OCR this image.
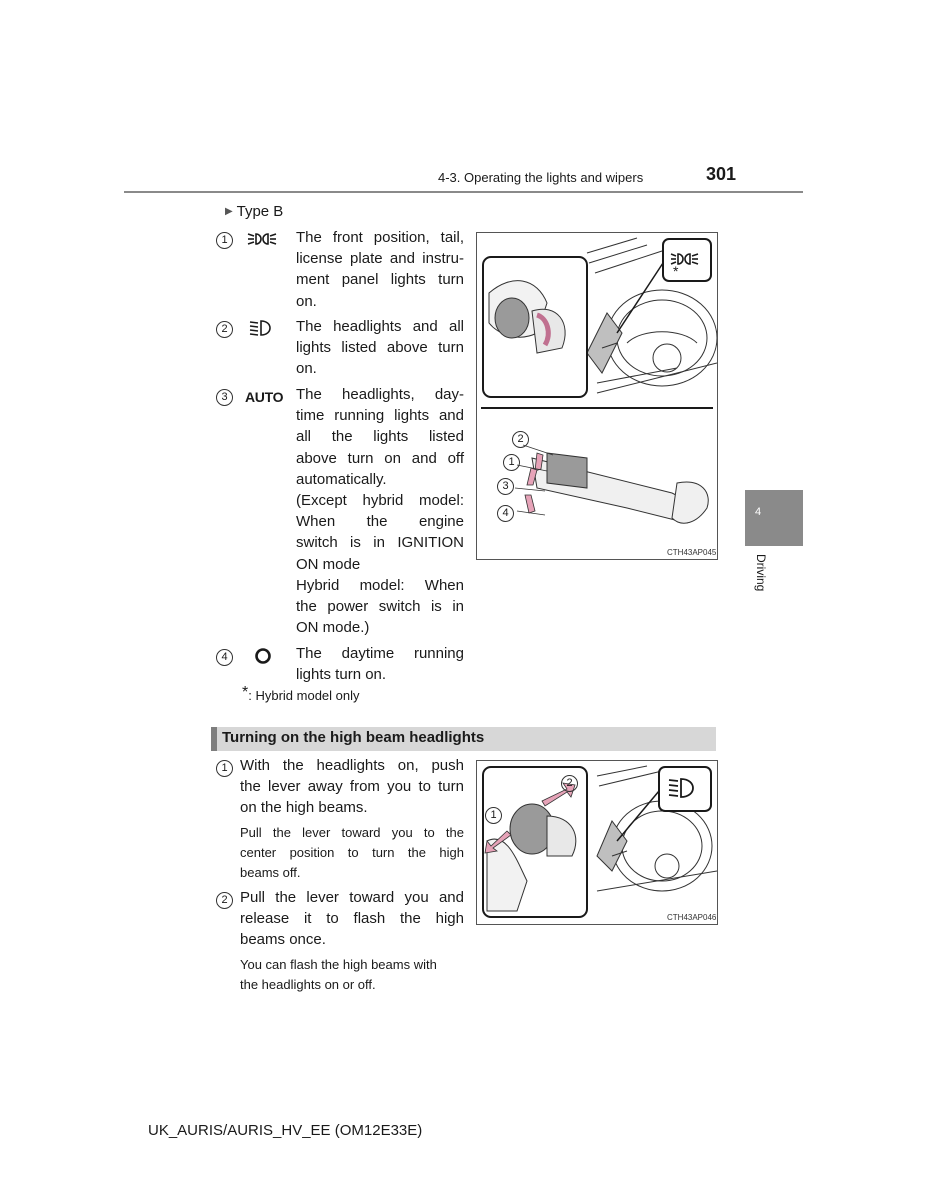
4-3. Operating the lights and wipers	301
4
Driving
▶ Type B
1	The front position, tail,
license plate and instru-
ment panel lights turn
on.
2	The headlights and all
lights listed above turn
on.
3	AUTO The headlights, day-
time running lights and
all the lights listed
above turn on and off
automatically.
(Except hybrid model:
When the engine
switch is in IGNITION
ON mode
Hybrid model: When
the power switch is in
ON mode.)
4	The daytime running
lights turn on.
*: Hybrid model only
*
2
1
3
4
CTH43AP045
Turning on the high beam headlights
1 With the headlights on, push
the lever away from you to turn
on the high beams.
Pull the lever toward you to the
center position to turn the high
beams off.
2 Pull the lever toward you and
release it to flash the high
beams once.
You can flash the high beams with
the headlights on or off.
2
1
CTH43AP046
UK_AURIS/AURIS_HV_EE (OM12E33E)
